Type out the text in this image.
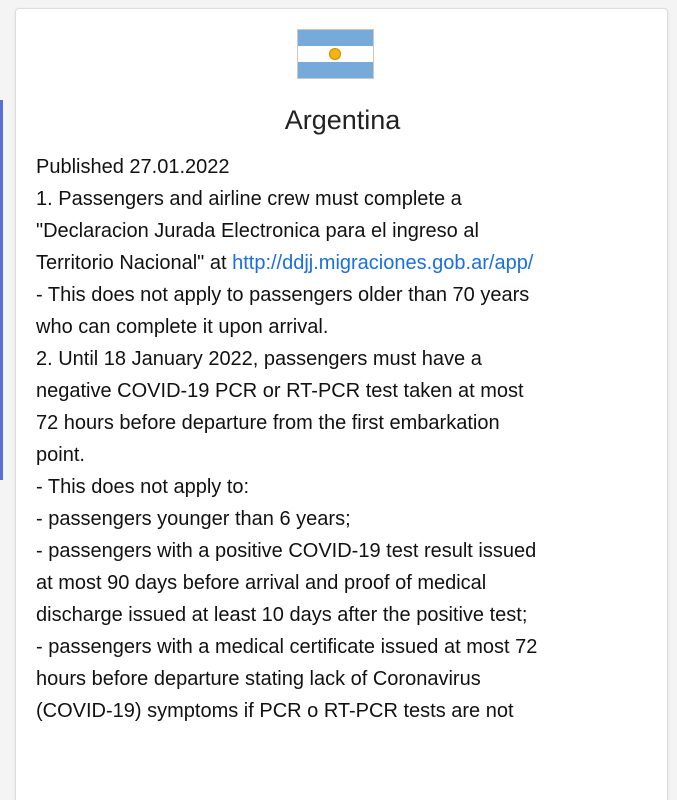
Argentina
Published 27.01.2022
1. Passengers and airline crew must complete a
"Declaracion Jurada Electronica para el ingreso al
Territorio Nacional" at http://ddjj.migraciones.gob.ar/app/
- This does not apply to passengers older than 70 years
who can complete it upon arrival.
2. Until 18 January 2022, passengers must have a
negative COVID-19 PCR or RT-PCR test taken at most
72 hours before departure from the first embarkation
point.
- This does not apply to:
- passengers younger than 6 years;
- passengers with a positive COVID-19 test result issued
at most 90 days before arrival and proof of medical
discharge issued at least 10 days after the positive test;
- passengers with a medical certificate issued at most 72
hours before departure stating lack of Coronavirus
(COVID-19) symptoms if PCR o RT-PCR tests are not
